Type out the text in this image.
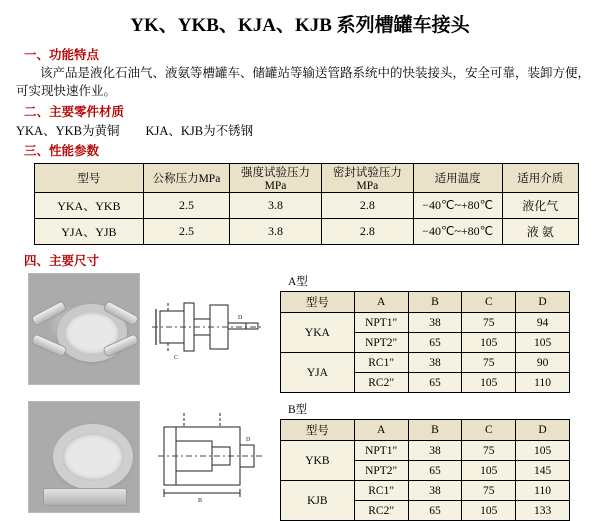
YK、YKB、KJA、KJB 系列槽罐车接头
一、功能特点
该产品是液化石油气、液氨等槽罐车、储罐站等输送管路系统中的快装接头，安全可靠，装卸方便，可实现快速作业。
二、主要零件材质
YKA、YKB为黄铜 KJA、KJB为不锈钢
三、性能参数
型号	公称压力MPa	强度试验压力MPa	密封试验压力MPa	适用温度	适用介质
YKA、YKB	2.5	3.8	2.8	−40℃~+80℃	液化气
YJA、YJB	2.5	3.8	2.8	−40℃~+80℃	液 氨
四、主要尺寸
D
C
A型
型号	A	B	C	D
YKA	NPT1"	38	75	94
	NPT2"	65	105	105
YJA	RC1"	38	75	90
	RC2"	65	105	110
B
D
B型
型号	A	B	C	D
YKB	NPT1"	38	75	105
	NPT2"	65	105	145
KJB	RC1"	38	75	110
	RC2"	65	105	133
